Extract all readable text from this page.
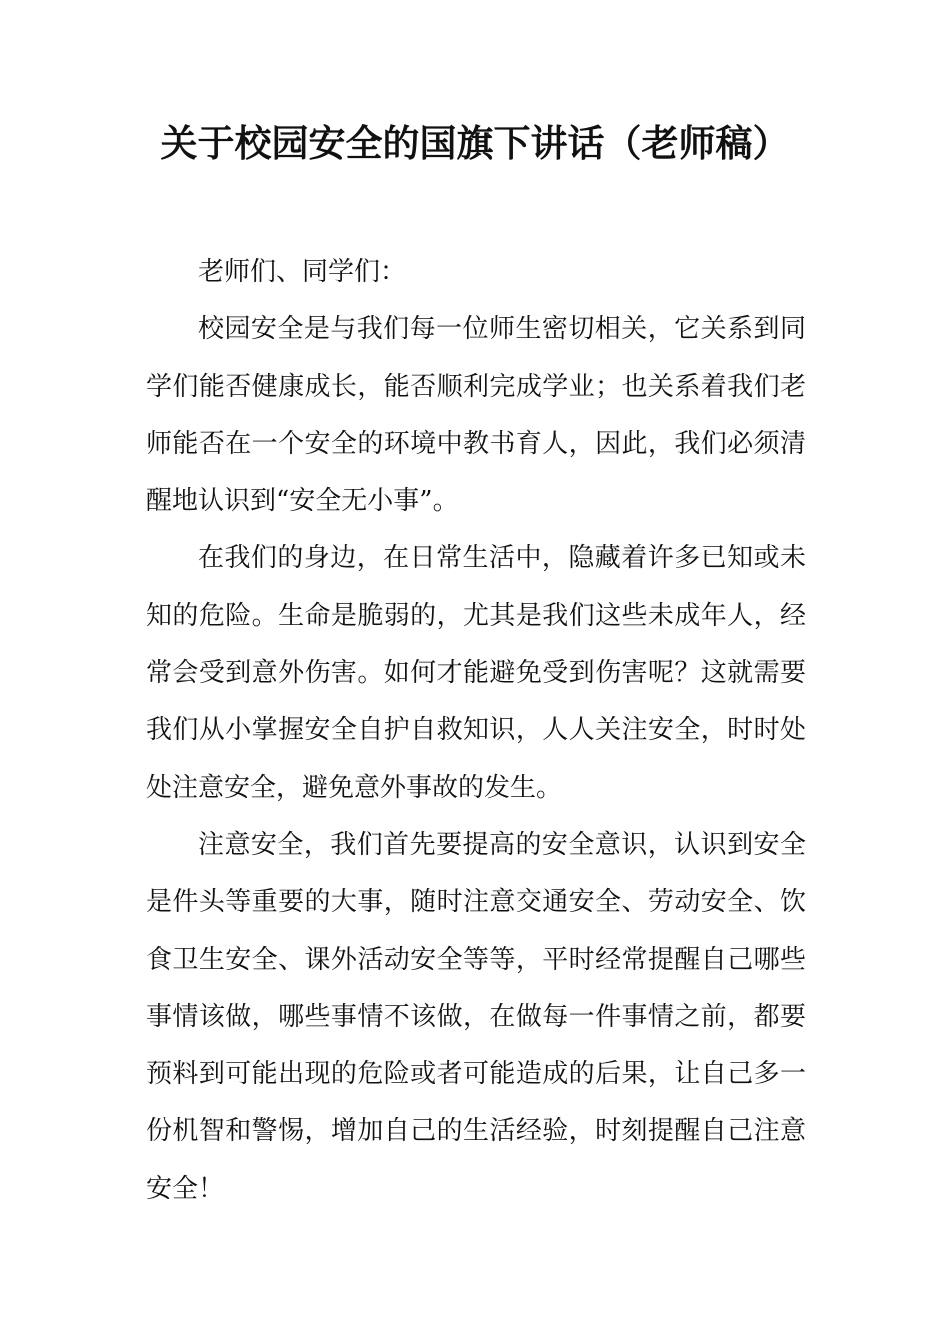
关于校园安全的国旗下讲话（老师稿）

老师们、同学们：

校园安全是与我们每一位师生密切相关，它关系到同学们能否健康成长，能否顺利完成学业；也关系着我们老师能否在一个安全的环境中教书育人，因此，我们必须清醒地认识到“安全无小事”。

在我们的身边，在日常生活中，隐藏着许多已知或未知的危险。生命是脆弱的，尤其是我们这些未成年人，经常会受到意外伤害。如何才能避免受到伤害呢？这就需要我们从小掌握安全自护自救知识，人人关注安全，时时处处注意安全，避免意外事故的发生。

注意安全，我们首先要提高的安全意识，认识到安全是件头等重要的大事，随时注意交通安全、劳动安全、饮食卫生安全、课外活动安全等等，平时经常提醒自己哪些事情该做，哪些事情不该做，在做每一件事情之前，都要预料到可能出现的危险或者可能造成的后果，让自己多一份机智和警惕，增加自己的生活经验，时刻提醒自己注意安全！
